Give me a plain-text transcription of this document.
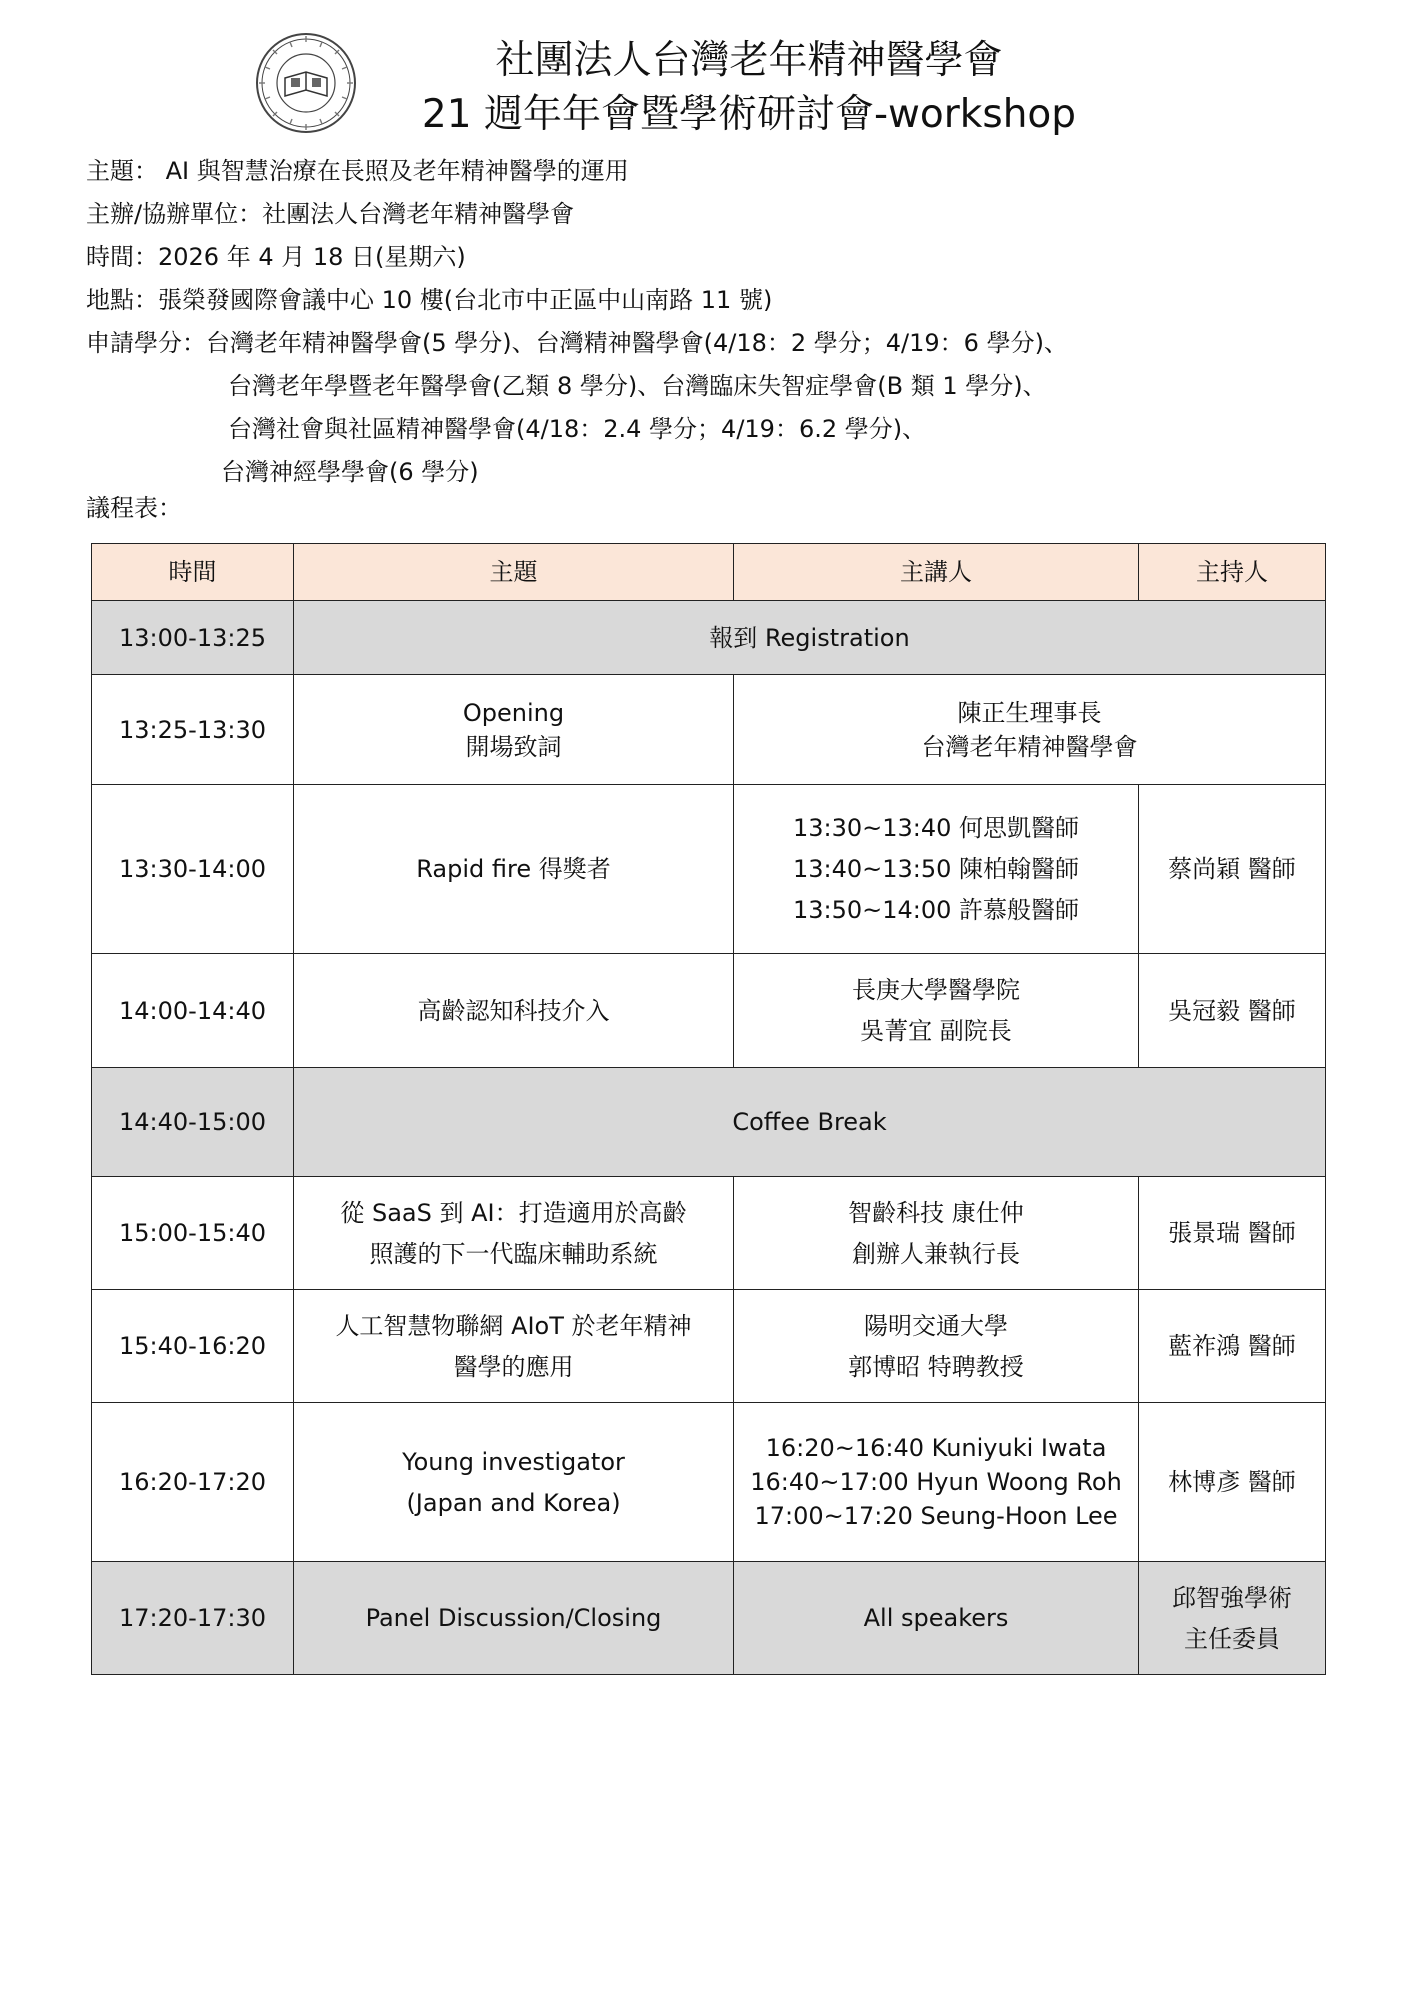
社團法人台灣老年精神醫學會
21 週年年會暨學術研討會-workshop
主題： AI 與智慧治療在長照及老年精神醫學的運用
主辦/協辦單位：社團法人台灣老年精神醫學會
時間：2026 年 4 月 18 日(星期六)
地點：張榮發國際會議中心 10 樓(台北市中正區中山南路 11 號)
申請學分：台灣老年精神醫學會(5 學分)、台灣精神醫學會(4/18：2 學分；4/19：6 學分)、
台灣老年學暨老年醫學會(乙類 8 學分)、台灣臨床失智症學會(B 類 1 學分)、
台灣社會與社區精神醫學會(4/18：2.4 學分；4/19：6.2 學分)、
台灣神經學學會(6 學分)
議程表：
時間	主題	主講人	主持人
13:00-13:25	報到 Registration		
13:25-13:30	Opening
開場致詞	陳正生理事長
台灣老年精神醫學會	

13:30-14:00	Rapid fire 得獎者	13:30~13:40 何思凱醫師
13:40~13:50 陳柏翰醫師
13:50~14:00 許慕般醫師	蔡尚穎 醫師
14:00-14:40	高齡認知科技介入	長庚大學醫學院
吳菁宜 副院長	吳冠毅 醫師
14:40-15:00	Coffee Break		
15:00-15:40	從 SaaS 到 AI：打造適用於高齡
照護的下一代臨床輔助系統	智齡科技 康仕仲
創辦人兼執行長	張景瑞 醫師
15:40-16:20	人工智慧物聯網 AIoT 於老年精神
醫學的應用	陽明交通大學
郭博昭 特聘教授	藍祚鴻 醫師
16:20-17:20	Young investigator
(Japan and Korea)	16:20~16:40 Kuniyuki Iwata
16:40~17:00 Hyun Woong Roh
17:00~17:20 Seung-Hoon Lee	林博彥 醫師
17:20-17:30	Panel Discussion/Closing	All speakers	邱智強學術
主任委員
